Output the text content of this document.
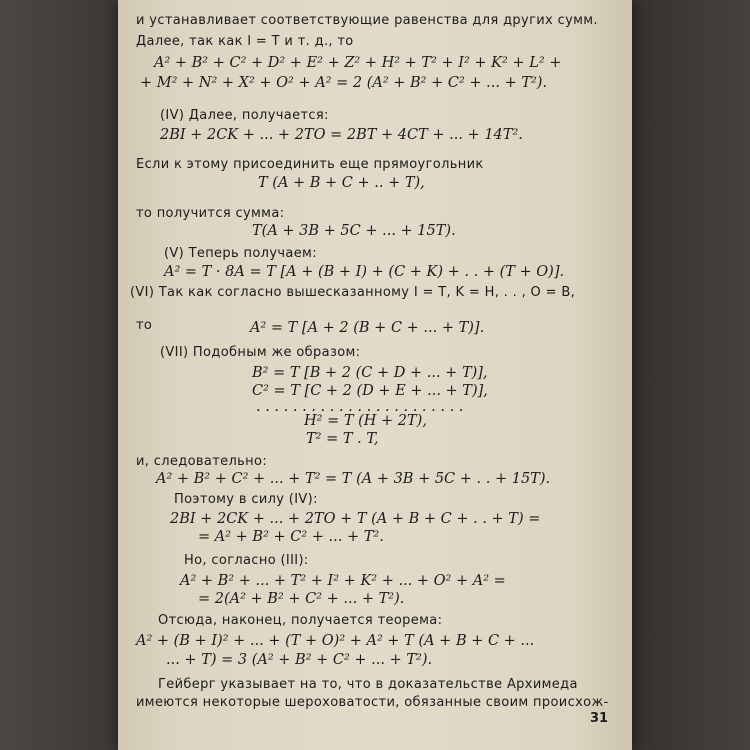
и устанавливает соответствующие равенства для других сумм.
Далее, так как I = T и т. д., то
A² + B² + C² + D² + E² + Z² + H² + T² + I² + K² + L² +
+ M² + N² + X² + O² + A² = 2 (A² + B² + C² + ... + T²).
(IV) Далее, получается:
2BI + 2CK + ... + 2TO = 2BT + 4CT + ... + 14T².
Если к этому присоединить еще прямоугольник
T (A + B + C + .. + T),
то получится сумма:
T(A + 3B + 5C + ... + 15T).
(V) Теперь получаем:
A² = T · 8A = T [A + (B + I) + (C + K) + . . + (T + O)].
(VI) Так как согласно вышесказанному I = T, K = H, . . , O = B,
то	A² = T [A + 2 (B + C + ... + T)].
(VII) Подобным же образом:
B² = T [B + 2 (C + D + ... + T)],
C² = T [C + 2 (D + E + ... + T)],
. . . . . . . . . . . . . . . . . . . . . . .
H² = T (H + 2T),
T² = T . T,
и, следовательно:
A² + B² + C² + ... + T² = T (A + 3B + 5C + . . + 15T).
Поэтому в силу (IV):
2BI + 2CK + ... + 2TO + T (A + B + C + . . + T) =
= A² + B² + C² + ... + T².
Но, согласно (III):
A² + B² + ... + T² + I² + K² + ... + O² + A² =
= 2(A² + B² + C² + ... + T²).
Отсюда, наконец, получается теорема:
A² + (B + I)² + ... + (T + O)² + A² + T (A + B + C + ...
... + T) = 3 (A² + B² + C² + ... + T²).
Гейберг указывает на то, что в доказательстве Архимеда
имеются некоторые шероховатости, обязанные своим происхож-
31
